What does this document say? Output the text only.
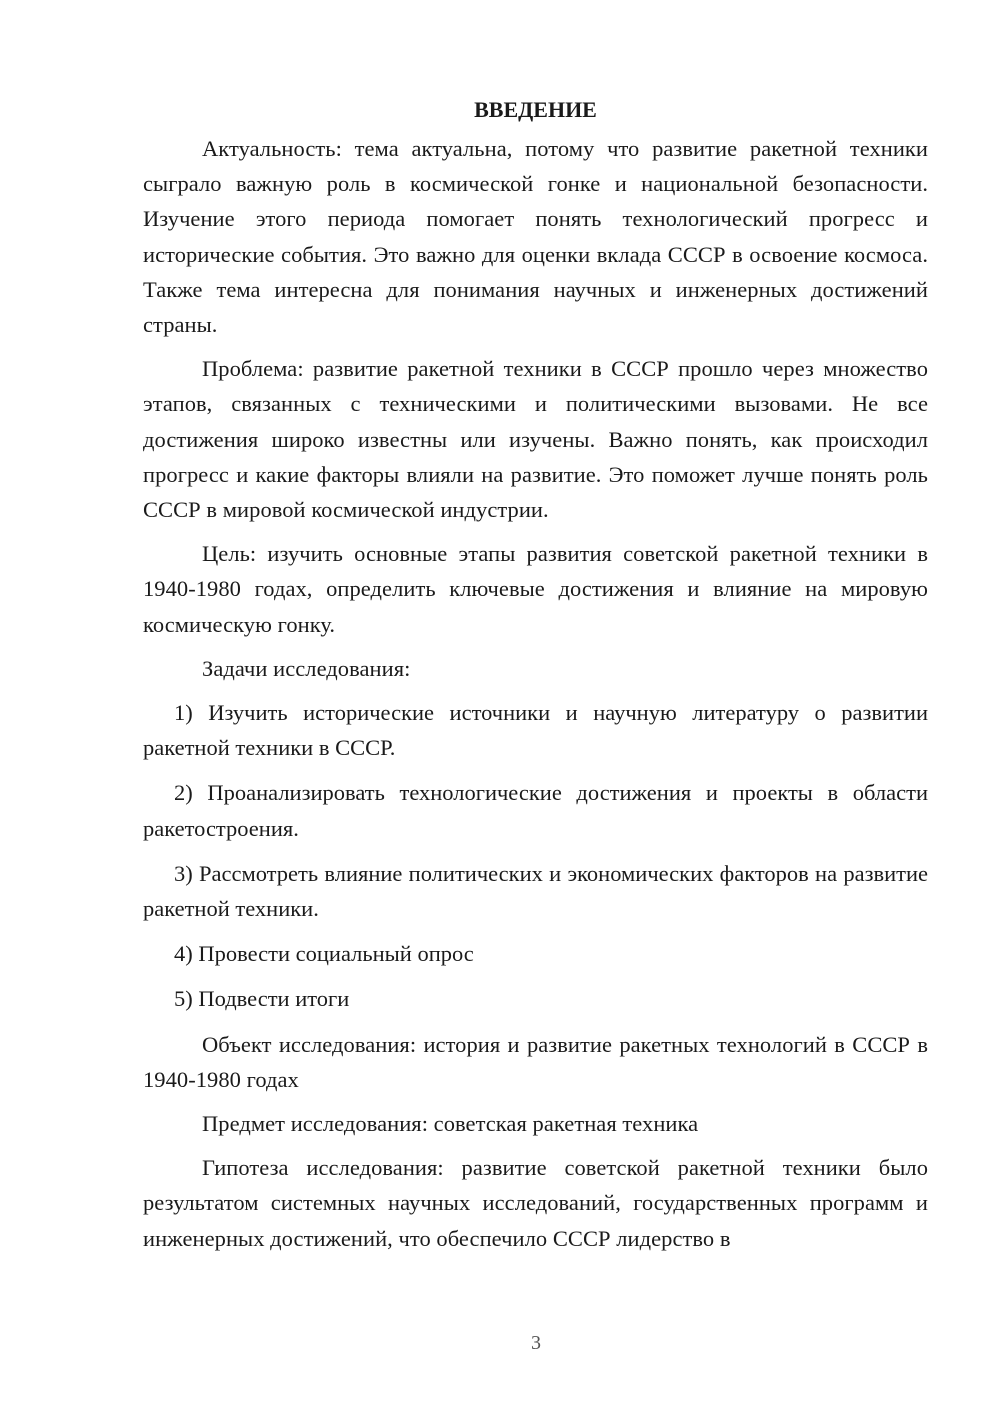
ВВЕДЕНИЕ

Актуальность: тема актуальна, потому что развитие ракетной техники сыграло важную роль в космической гонке и национальной безопасности. Изучение этого периода помогает понять технологический прогресс и исторические события. Это важно для оценки вклада СССР в освоение космоса. Также тема интересна для понимания научных и инженерных достижений страны.

Проблема: развитие ракетной техники в СССР прошло через множество этапов, связанных с техническими и политическими вызовами. Не все достижения широко известны или изучены. Важно понять, как происходил прогресс и какие факторы влияли на развитие. Это поможет лучше понять роль СССР в мировой космической индустрии.

Цель: изучить основные этапы развития советской ракетной техники в 1940-1980 годах, определить ключевые достижения и влияние на мировую космическую гонку.

Задачи исследования:

1) Изучить исторические источники и научную литературу о развитии ракетной техники в СССР.

2) Проанализировать технологические достижения и проекты в области ракетостроения.

3) Рассмотреть влияние политических и экономических факторов на развитие ракетной техники.

4) Провести социальный опрос

5) Подвести итоги

Объект исследования: история и развитие ракетных технологий в СССР в 1940-1980 годах

Предмет исследования: советская ракетная техника

Гипотеза исследования: развитие советской ракетной техники было результатом системных научных исследований, государственных программ и инженерных достижений, что обеспечило СССР лидерство в

3
